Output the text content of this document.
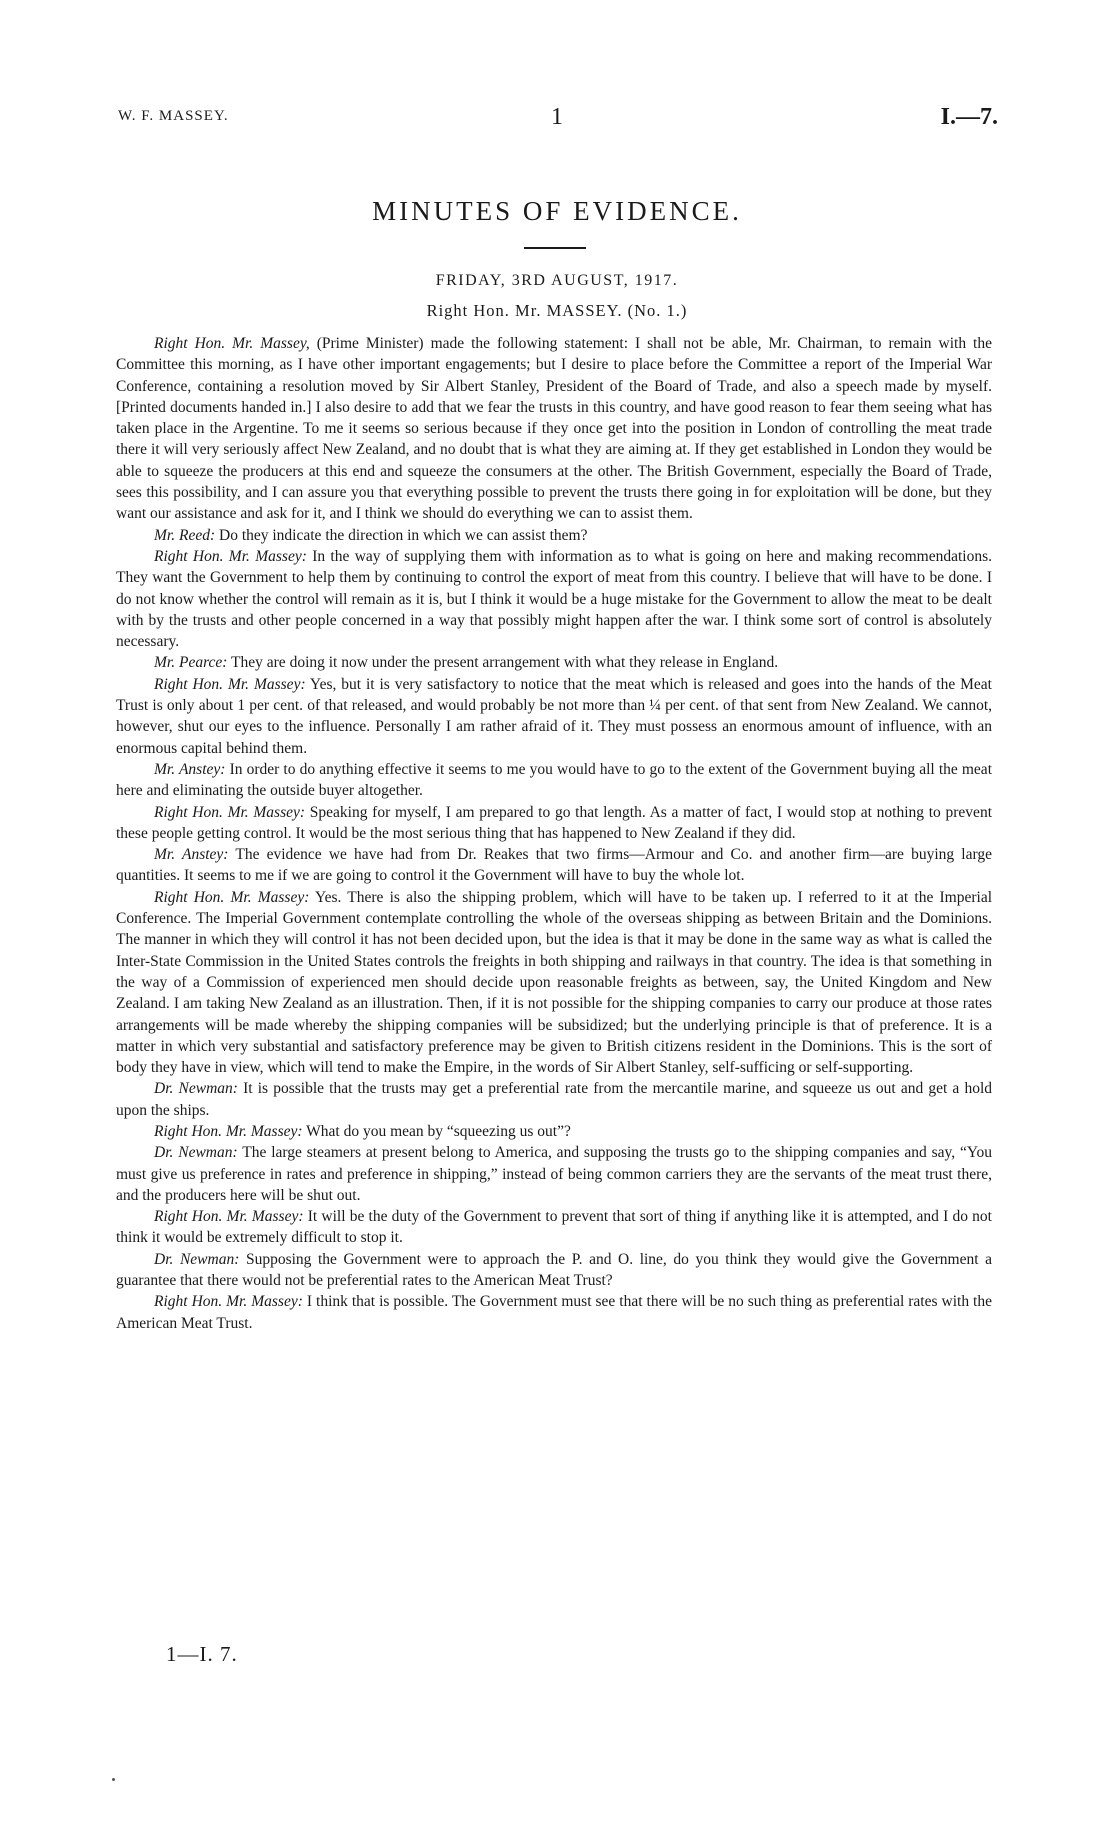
W. F. MASSEY.	1	I.—7.
MINUTES OF EVIDENCE.
FRIDAY, 3RD AUGUST, 1917.
Right Hon. Mr. MASSEY. (No. 1.)

Right Hon. Mr. Massey, (Prime Minister) made the following statement: I shall not be able, Mr. Chairman, to remain with the Committee this morning, as I have other important engagements; but I desire to place before the Committee a report of the Imperial War Conference, containing a resolution moved by Sir Albert Stanley, President of the Board of Trade, and also a speech made by myself. [Printed documents handed in.] I also desire to add that we fear the trusts in this country, and have good reason to fear them seeing what has taken place in the Argentine. To me it seems so serious because if they once get into the position in London of controlling the meat trade there it will very seriously affect New Zealand, and no doubt that is what they are aiming at. If they get established in London they would be able to squeeze the producers at this end and squeeze the consumers at the other. The British Government, especially the Board of Trade, sees this possibility, and I can assure you that everything possible to prevent the trusts there going in for exploitation will be done, but they want our assistance and ask for it, and I think we should do everything we can to assist them.

Mr. Reed: Do they indicate the direction in which we can assist them?

Right Hon. Mr. Massey: In the way of supplying them with information as to what is going on here and making recommendations. They want the Government to help them by continuing to control the export of meat from this country. I believe that will have to be done. I do not know whether the control will remain as it is, but I think it would be a huge mistake for the Government to allow the meat to be dealt with by the trusts and other people concerned in a way that possibly might happen after the war. I think some sort of control is absolutely necessary.

Mr. Pearce: They are doing it now under the present arrangement with what they release in England.

Right Hon. Mr. Massey: Yes, but it is very satisfactory to notice that the meat which is released and goes into the hands of the Meat Trust is only about 1 per cent. of that released, and would probably be not more than ¼ per cent. of that sent from New Zealand. We cannot, however, shut our eyes to the influence. Personally I am rather afraid of it. They must possess an enormous amount of influence, with an enormous capital behind them.

Mr. Anstey: In order to do anything effective it seems to me you would have to go to the extent of the Government buying all the meat here and eliminating the outside buyer altogether.

Right Hon. Mr. Massey: Speaking for myself, I am prepared to go that length. As a matter of fact, I would stop at nothing to prevent these people getting control. It would be the most serious thing that has happened to New Zealand if they did.

Mr. Anstey: The evidence we have had from Dr. Reakes that two firms—Armour and Co. and another firm—are buying large quantities. It seems to me if we are going to control it the Government will have to buy the whole lot.

Right Hon. Mr. Massey: Yes. There is also the shipping problem, which will have to be taken up. I referred to it at the Imperial Conference. The Imperial Government contemplate controlling the whole of the overseas shipping as between Britain and the Dominions. The manner in which they will control it has not been decided upon, but the idea is that it may be done in the same way as what is called the Inter-State Commission in the United States controls the freights in both shipping and railways in that country. The idea is that something in the way of a Commission of experienced men should decide upon reasonable freights as between, say, the United Kingdom and New Zealand. I am taking New Zealand as an illustration. Then, if it is not possible for the shipping companies to carry our produce at those rates arrangements will be made whereby the shipping companies will be subsidized; but the underlying principle is that of preference. It is a matter in which very substantial and satisfactory preference may be given to British citizens resident in the Dominions. This is the sort of body they have in view, which will tend to make the Empire, in the words of Sir Albert Stanley, self-sufficing or self-supporting.

Dr. Newman: It is possible that the trusts may get a preferential rate from the mercantile marine, and squeeze us out and get a hold upon the ships.

Right Hon. Mr. Massey: What do you mean by “squeezing us out”?

Dr. Newman: The large steamers at present belong to America, and supposing the trusts go to the shipping companies and say, “You must give us preference in rates and preference in shipping,” instead of being common carriers they are the servants of the meat trust there, and the producers here will be shut out.

Right Hon. Mr. Massey: It will be the duty of the Government to prevent that sort of thing if anything like it is attempted, and I do not think it would be extremely difficult to stop it.

Dr. Newman: Supposing the Government were to approach the P. and O. line, do you think they would give the Government a guarantee that there would not be preferential rates to the American Meat Trust?

Right Hon. Mr. Massey: I think that is possible. The Government must see that there will be no such thing as preferential rates with the American Meat Trust.

1—I. 7.
